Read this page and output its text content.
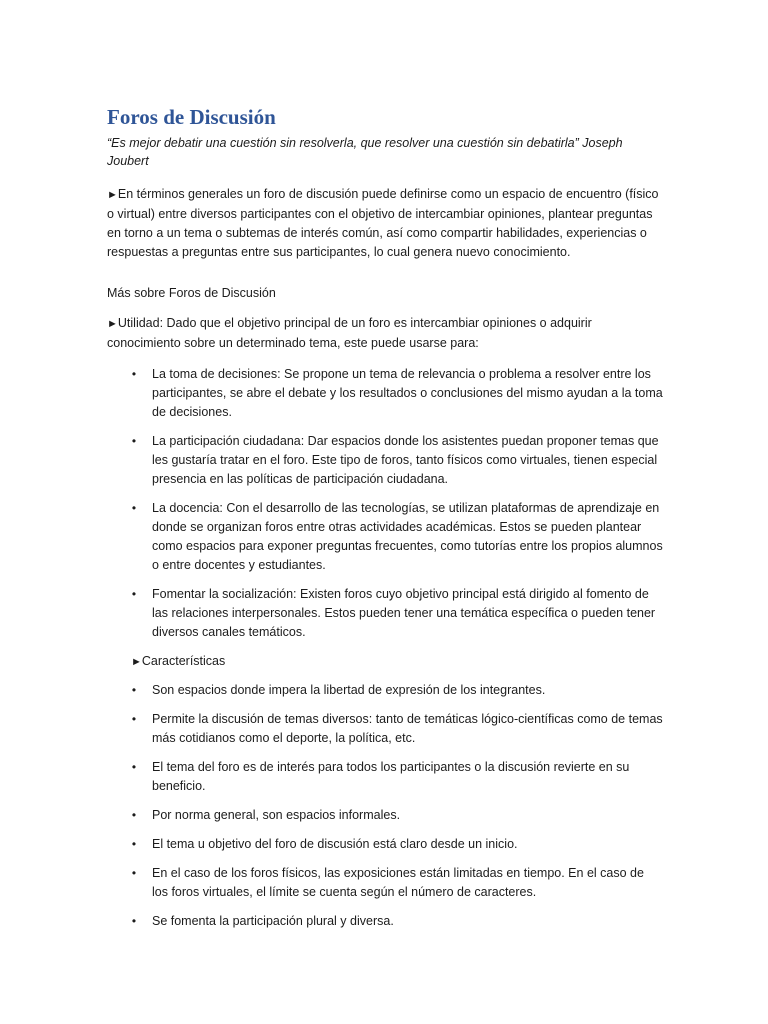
Foros de Discusión

“Es mejor debatir una cuestión sin resolverla, que resolver una cuestión sin debatirla” Joseph Joubert

►En términos generales un foro de discusión puede definirse como un espacio de encuentro (físico o virtual) entre diversos participantes con el objetivo de intercambiar opiniones, plantear preguntas en torno a un tema o subtemas de interés común, así como compartir habilidades, experiencias o respuestas a preguntas entre sus participantes, lo cual genera nuevo conocimiento.

Más sobre Foros de Discusión

►Utilidad: Dado que el objetivo principal de un foro es intercambiar opiniones o adquirir conocimiento sobre un determinado tema, este puede usarse para:

• La toma de decisiones: Se propone un tema de relevancia o problema a resolver entre los participantes, se abre el debate y los resultados o conclusiones del mismo ayudan a la toma de decisiones.
• La participación ciudadana: Dar espacios donde los asistentes puedan proponer temas que les gustaría tratar en el foro. Este tipo de foros, tanto físicos como virtuales, tienen especial presencia en las políticas de participación ciudadana.
• La docencia: Con el desarrollo de las tecnologías, se utilizan plataformas de aprendizaje en donde se organizan foros entre otras actividades académicas. Estos se pueden plantear como espacios para exponer preguntas frecuentes, como tutorías entre los propios alumnos o entre docentes y estudiantes.
• Fomentar la socialización: Existen foros cuyo objetivo principal está dirigido al fomento de las relaciones interpersonales. Estos pueden tener una temática específica o pueden tener diversos canales temáticos.

►Características

• Son espacios donde impera la libertad de expresión de los integrantes.
• Permite la discusión de temas diversos: tanto de temáticas lógico-científicas como de temas más cotidianos como el deporte, la política, etc.
• El tema del foro es de interés para todos los participantes o la discusión revierte en su beneficio.
• Por norma general, son espacios informales.
• El tema u objetivo del foro de discusión está claro desde un inicio.
• En el caso de los foros físicos, las exposiciones están limitadas en tiempo. En el caso de los foros virtuales, el límite se cuenta según el número de caracteres.
• Se fomenta la participación plural y diversa.
